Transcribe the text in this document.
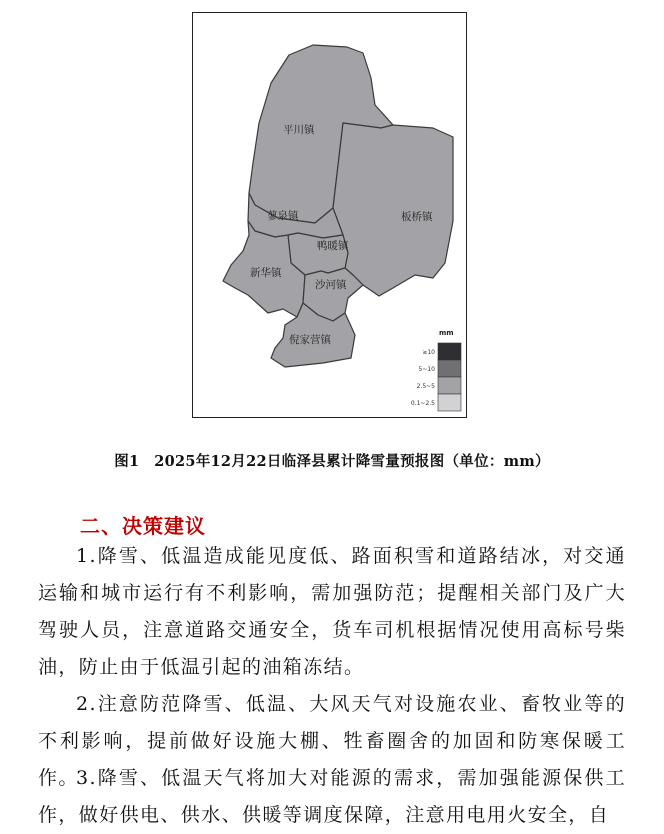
平川镇
板桥镇
蓼泉镇
鸭暖镇
新华镇
沙河镇
倪家营镇
mm
≥10
5~10
2.5~5
0.1~2.5
图1　2025年12月22日临泽县累计降雪量预报图（单位：mm）
二、决策建议

1.降雪、低温造成能见度低、路面积雪和道路结冰，对交通运输和城市运行有不利影响，需加强防范；提醒相关部门及广大驾驶人员，注意道路交通安全，货车司机根据情况使用高标号柴油，防止由于低温引起的油箱冻结。

2.注意防范降雪、低温、大风天气对设施农业、畜牧业等的不利影响，提前做好设施大棚、牲畜圈舍的加固和防寒保暖工作。

3.降雪、低温天气将加大对能源的需求，需加强能源保供工作，做好供电、供水、供暖等调度保障，注意用电用火安全，自
